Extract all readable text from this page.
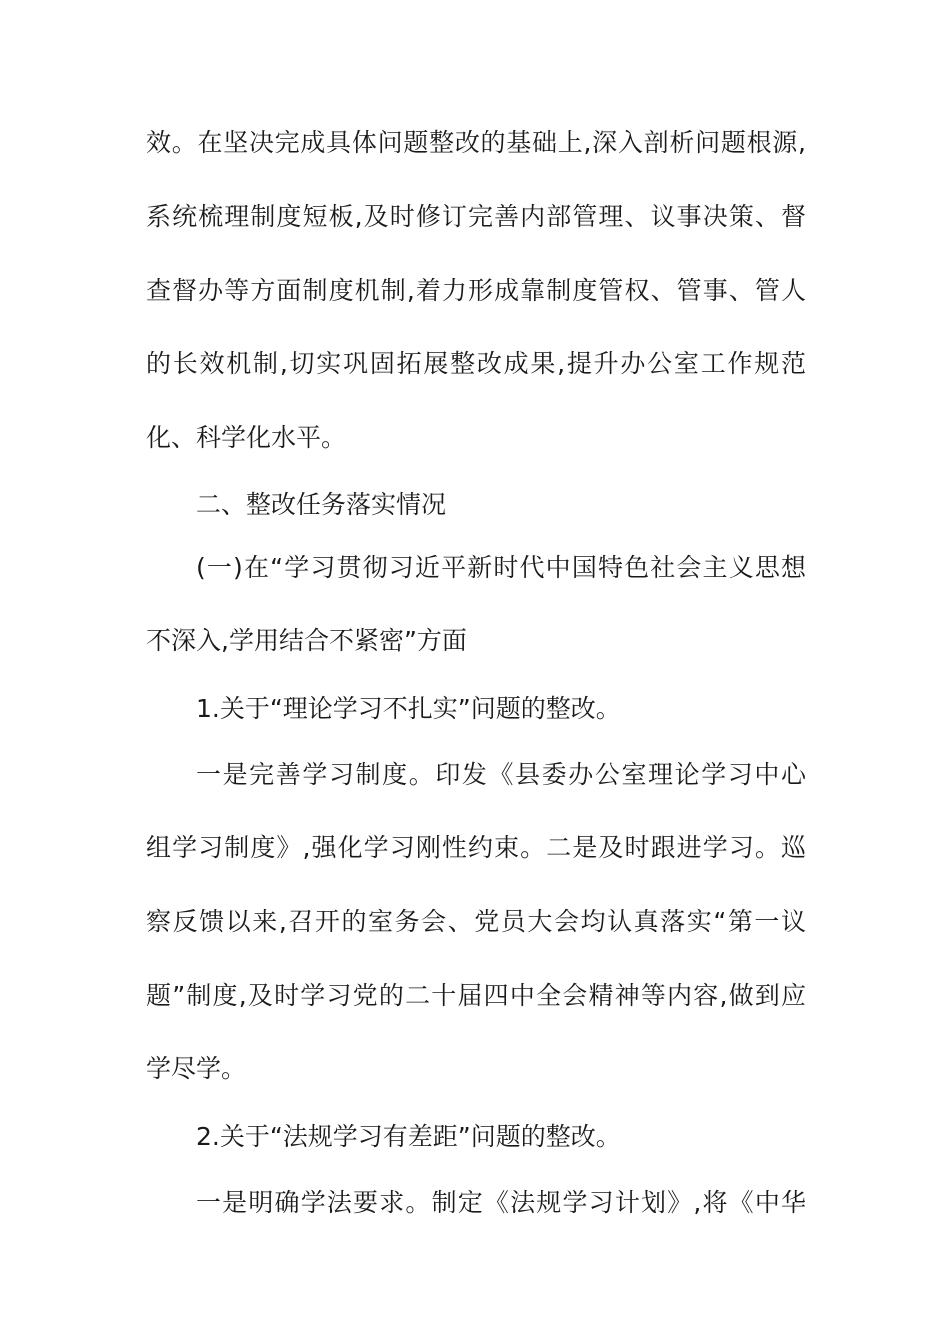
效。在坚决完成具体问题整改的基础上,深入剖析问题根源,
系统梳理制度短板,及时修订完善内部管理、议事决策、督
查督办等方面制度机制,着力形成靠制度管权、管事、管人
的长效机制,切实巩固拓展整改成果,提升办公室工作规范
化、科学化水平。
二、整改任务落实情况
(一)在“学习贯彻习近平新时代中国特色社会主义思想
不深入,学用结合不紧密”方面
1.关于“理论学习不扎实”问题的整改。
一是完善学习制度。印发《县委办公室理论学习中心
组学习制度》,强化学习刚性约束。二是及时跟进学习。巡
察反馈以来,召开的室务会、党员大会均认真落实“第一议
题”制度,及时学习党的二十届四中全会精神等内容,做到应
学尽学。
2.关于“法规学习有差距”问题的整改。
一是明确学法要求。制定《法规学习计划》,将《中华
